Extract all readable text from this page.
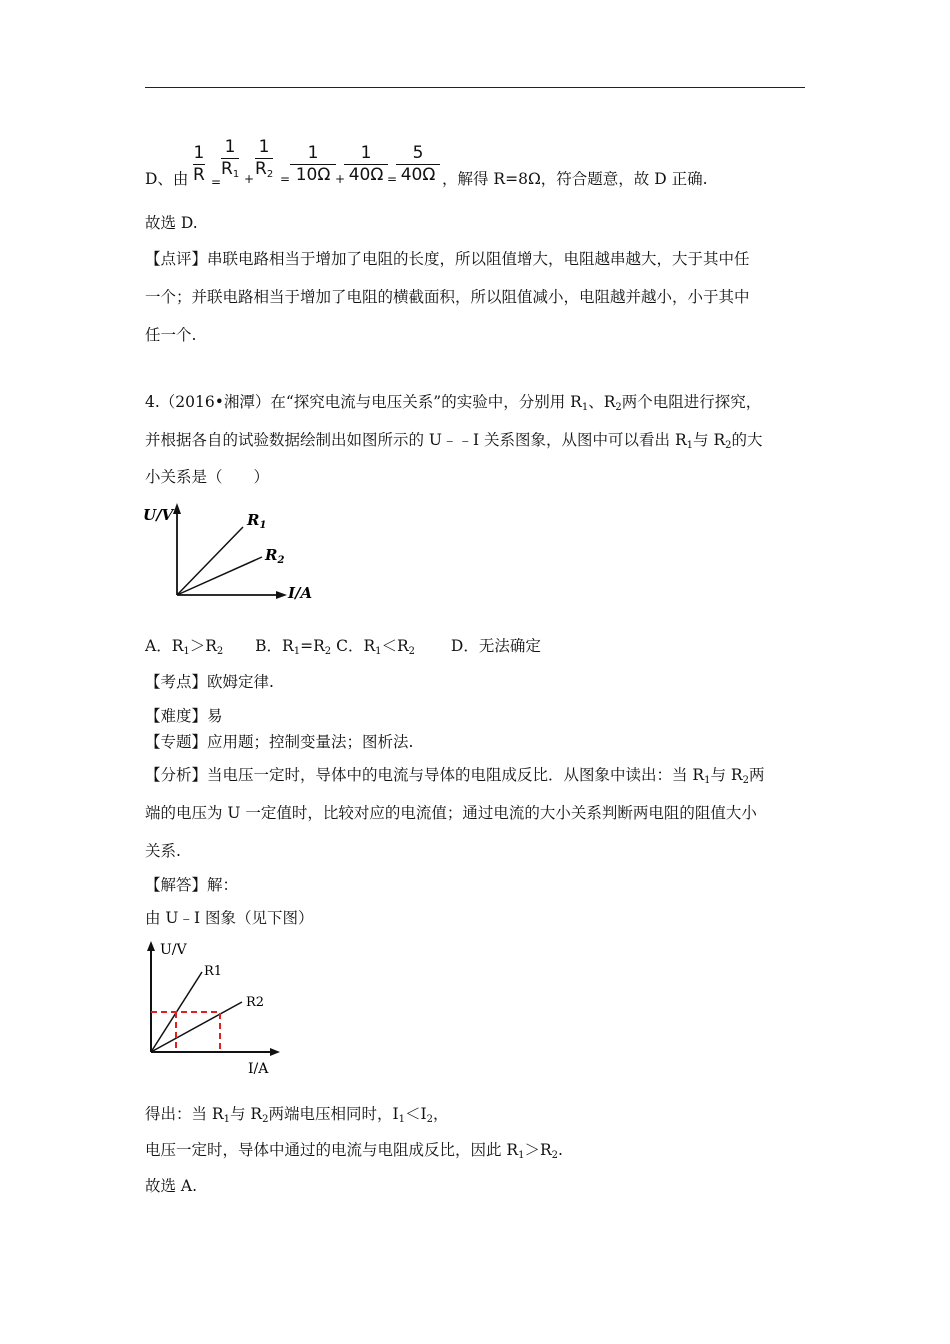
D、由
1
R =
1
$R_1$ +
1
$R_2$ =
1
10Ω +
1
40Ω =
5
40Ω ，解得 R=8Ω，符合题意，故 D 正确.
故选 D.
【点评】串联电路相当于增加了电阻的长度，所以阻值增大，电阻越串越大，大于其中任
一个；并联电路相当于增加了电阻的横截面积，所以阻值减小，电阻越并越小，小于其中
任一个.
4.（2016•湘潭）在“探究电流与电压关系”的实验中，分别用 $R_1$、$R_2$两个电阻进行探究，
并根据各自的试验数据绘制出如图所示的 U﹣﹣I 关系图象，从图中可以看出 $R_1$与 $R_2$的大
小关系是（　　）
U/V
I/A
$R_1$
$R_2$
A．$R_1>R_2$ B．$R_1=R_2$ C．$R_1<R_2$ D．无法确定
【考点】欧姆定律.
【难度】易
【专题】应用题；控制变量法；图析法.
【分析】当电压一定时，导体中的电流与导体的电阻成反比．从图象中读出：当 $R_1$与 $R_2$两
端的电压为 U 一定值时，比较对应的电流值；通过电流的大小关系判断两电阻的阻值大小
关系.
【解答】解：
由 U﹣I 图象（见下图）
U/V
I/A
R1
R2
得出：当 $R_1$与 $R_2$两端电压相同时，$I_1<I_2$，
电压一定时，导体中通过的电流与电阻成反比，因此 $R_1>R_2$.
故选 A.
